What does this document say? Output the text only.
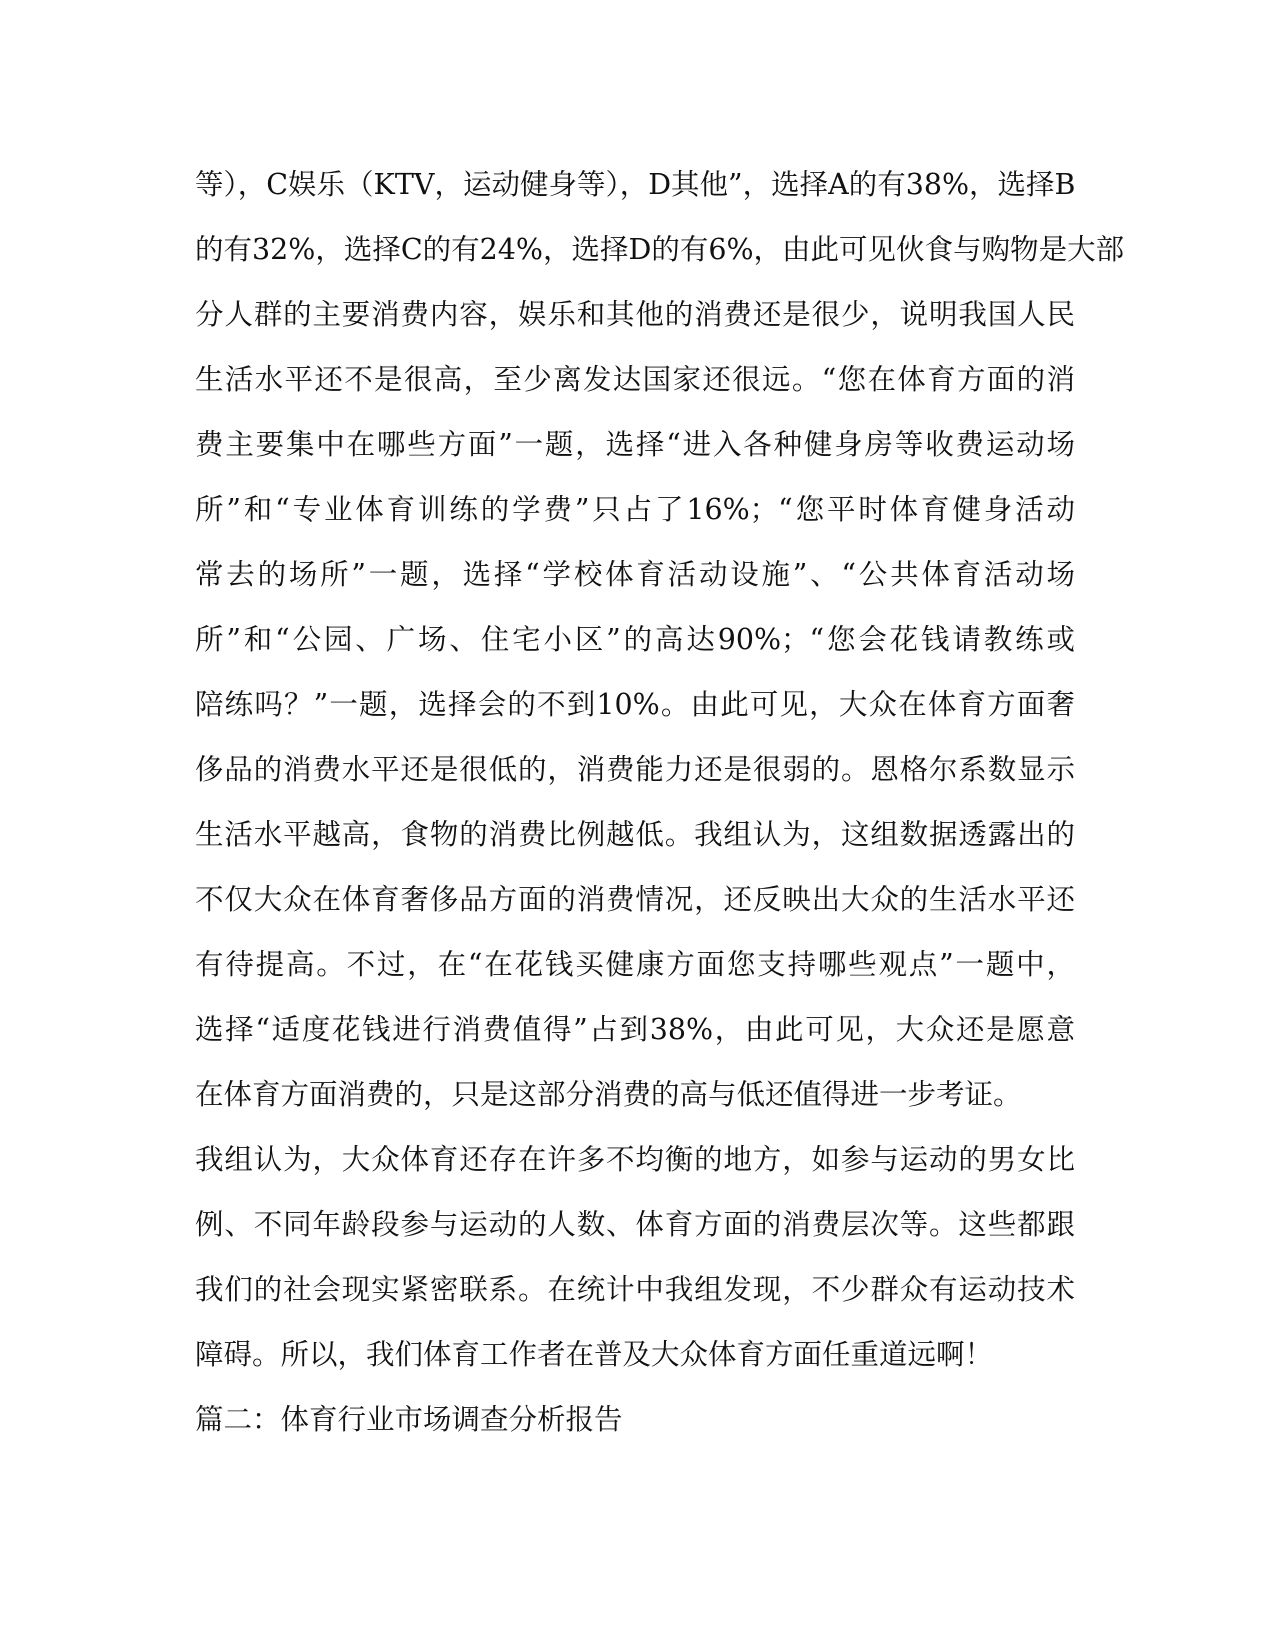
等），C娱乐（KTV，运动健身等），D其他”，选择A的有38%，选择B
的有32%，选择C的有24%，选择D的有6%，由此可见伙食与购物是大部
分人群的主要消费内容，娱乐和其他的消费还是很少，说明我国人民
生活水平还不是很高，至少离发达国家还很远。“您在体育方面的消
费主要集中在哪些方面”一题，选择“进入各种健身房等收费运动场
所”和“专业体育训练的学费”只占了16%；“您平时体育健身活动
常去的场所”一题，选择“学校体育活动设施”、“公共体育活动场
所”和“公园、广场、住宅小区”的高达90%；“您会花钱请教练或
陪练吗？”一题，选择会的不到10%。由此可见，大众在体育方面奢
侈品的消费水平还是很低的，消费能力还是很弱的。恩格尔系数显示
生活水平越高，食物的消费比例越低。我组认为，这组数据透露出的
不仅大众在体育奢侈品方面的消费情况，还反映出大众的生活水平还
有待提高。不过，在“在花钱买健康方面您支持哪些观点”一题中，
选择“适度花钱进行消费值得”占到38%，由此可见，大众还是愿意
在体育方面消费的，只是这部分消费的高与低还值得进一步考证。
我组认为，大众体育还存在许多不均衡的地方，如参与运动的男女比
例、不同年龄段参与运动的人数、体育方面的消费层次等。这些都跟
我们的社会现实紧密联系。在统计中我组发现，不少群众有运动技术
障碍。所以，我们体育工作者在普及大众体育方面任重道远啊！
篇二：体育行业市场调查分析报告
